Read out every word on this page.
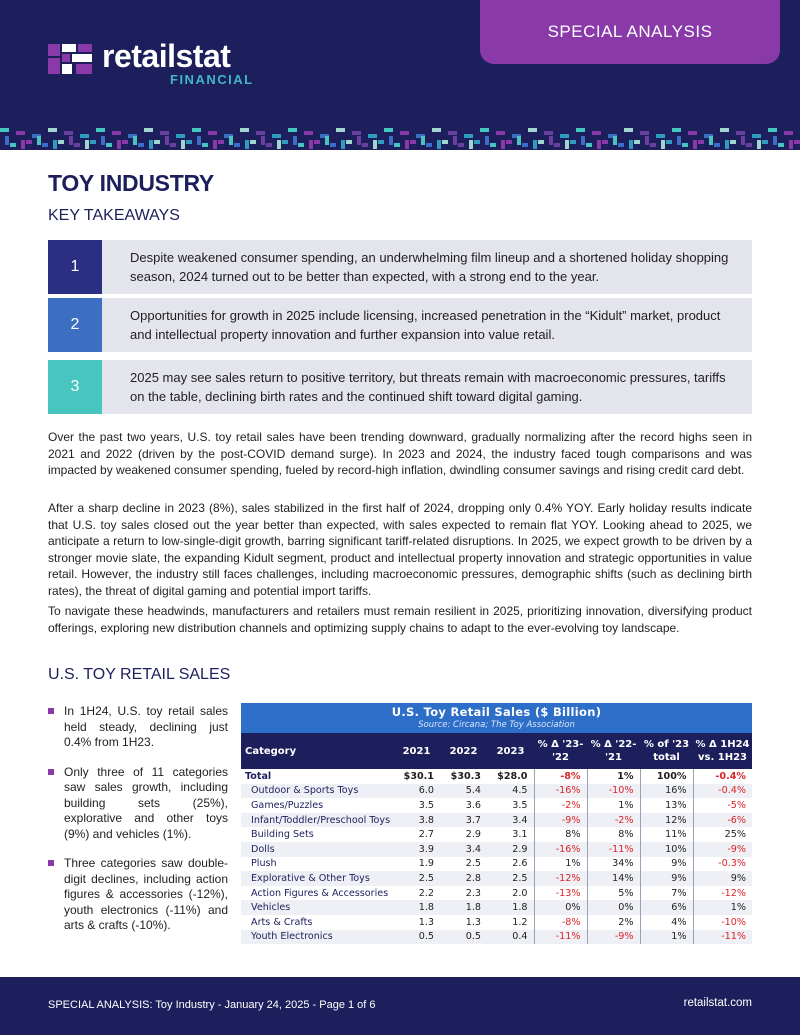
SPECIAL ANALYSIS
retailstat
FINANCIAL
TOY INDUSTRY
KEY TAKEAWAYS
1
Despite weakened consumer spending, an underwhelming film lineup and a shortened holiday shopping season, 2024 turned out to be better than expected, with a strong end to the year.
2
Opportunities for growth in 2025 include licensing, increased penetration in the “Kidult” market, product and intellectual property innovation and further expansion into value retail.
3
2025 may see sales return to positive territory, but threats remain with macroeconomic pressures, tariffs on the table, declining birth rates and the continued shift toward digital gaming.

Over the past two years, U.S. toy retail sales have been trending downward, gradually normalizing after the record highs seen in 2021 and 2022 (driven by the post-COVID demand surge). In 2023 and 2024, the industry faced tough comparisons and was impacted by weakened consumer spending, fueled by record-high inflation, dwindling consumer savings and rising credit card debt.

After a sharp decline in 2023 (8%), sales stabilized in the first half of 2024, dropping only 0.4% YOY. Early holiday results indicate that U.S. toy sales closed out the year better than expected, with sales expected to remain flat YOY. Looking ahead to 2025, we anticipate a return to low-single-digit growth, barring significant tariff-related disruptions. In 2025, we expect growth to be driven by a stronger movie slate, the expanding Kidult segment, product and intellectual property innovation and strategic opportunities in value retail. However, the industry still faces challenges, including macroeconomic pressures, demographic shifts (such as declining birth rates), the threat of digital gaming and potential import tariffs.

To navigate these headwinds, manufacturers and retailers must remain resilient in 2025, prioritizing innovation, diversifying product offerings, exploring new distribution channels and optimizing supply chains to adapt to the ever-evolving toy landscape.

U.S. TOY RETAIL SALES
In 1H24, U.S. toy retail sales held steady, declining just 0.4% from 1H23.
Only three of 11 categories saw sales growth, including building sets (25%), explorative and other toys (9%) and vehicles (1%).
Three categories saw double-digit declines, including action figures & accessories (-12%), youth electronics (-11%) and arts & crafts (-10%).
U.S. Toy Retail Sales ($ Billion)
Source: Circana; The Toy Association
Category	2021	2022	2023	% Δ '23-'22	% Δ '22-'21	% of '23 total	% Δ 1H24 vs. 1H23
Total	$30.1	$30.3	$28.0	-8%	1%	100%	-0.4%
Outdoor & Sports Toys	6.0	5.4	4.5	-16%	-10%	16%	-0.4%
Games/Puzzles	3.5	3.6	3.5	-2%	1%	13%	-5%
Infant/Toddler/Preschool Toys	3.8	3.7	3.4	-9%	-2%	12%	-6%
Building Sets	2.7	2.9	3.1	8%	8%	11%	25%
Dolls	3.9	3.4	2.9	-16%	-11%	10%	-9%
Plush	1.9	2.5	2.6	1%	34%	9%	-0.3%
Explorative & Other Toys	2.5	2.8	2.5	-12%	14%	9%	9%
Action Figures & Accessories	2.2	2.3	2.0	-13%	5%	7%	-12%
Vehicles	1.8	1.8	1.8	0%	0%	6%	1%
Arts & Crafts	1.3	1.3	1.2	-8%	2%	4%	-10%
Youth Electronics	0.5	0.5	0.4	-11%	-9%	1%	-11%
SPECIAL ANALYSIS: Toy Industry - January 24, 2025 - Page 1 of 6	retailstat.com
